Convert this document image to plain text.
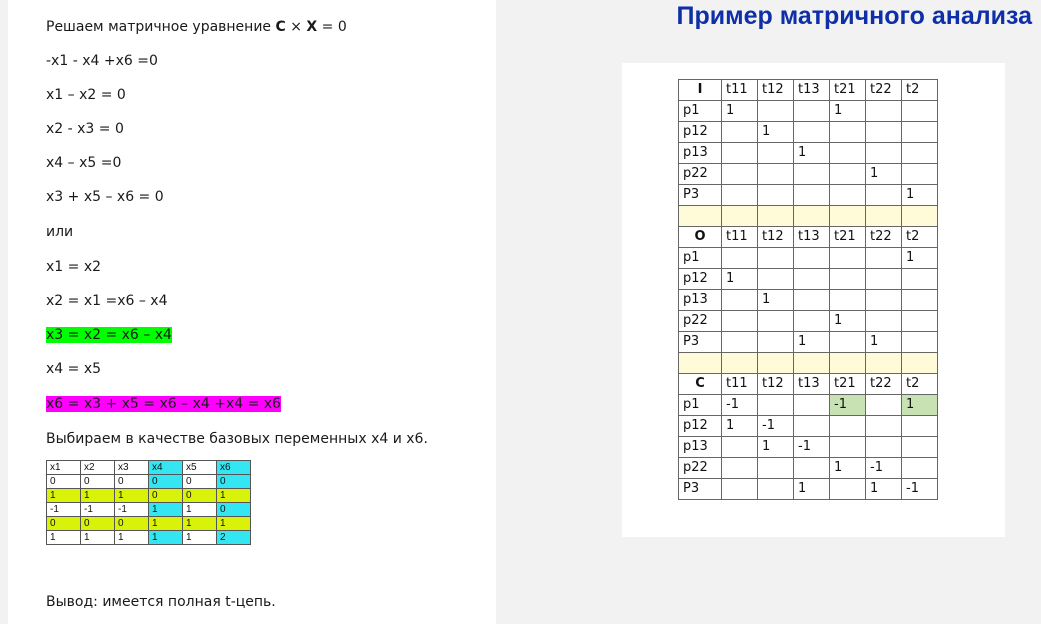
Решаем матричное уравнение C × X = 0
-x1 - x4 +x6 =0
x1 – x2 = 0
x2 - x3 = 0
x4 – x5 =0
x3 + x5 – x6 = 0
или
x1 = x2
x2 = x1 =x6 – x4
x3 = x2 = x6 – x4
x4 = x5
x6 = x3 + x5 = x6 – x4 +x4 = x6
Выбираем в качестве базовых переменных x4 и x6.
x1	x2	x3	x4	x5	x6
0	0	0	0	0	0
1	1	1	0	0	1
-1	-1	-1	1	1	0
0	0	0	1	1	1
1	1	1	1	1	2
Вывод: имеется полная t-цепь.
Пример матричного анализа
I	t11	t12	t13	t21	t22	t2
p1	1			1		
p12		1				
p13			1			
p22					1	
P3						1

O	t11	t12	t13	t21	t22	t2
p1						1
p12	1					
p13		1				
p22				1		
P3			1		1	

C	t11	t12	t13	t21	t22	t2
p1	-1			-1		1
p12	1	-1				
p13		1	-1			
p22				1	-1	
P3			1		1	-1
